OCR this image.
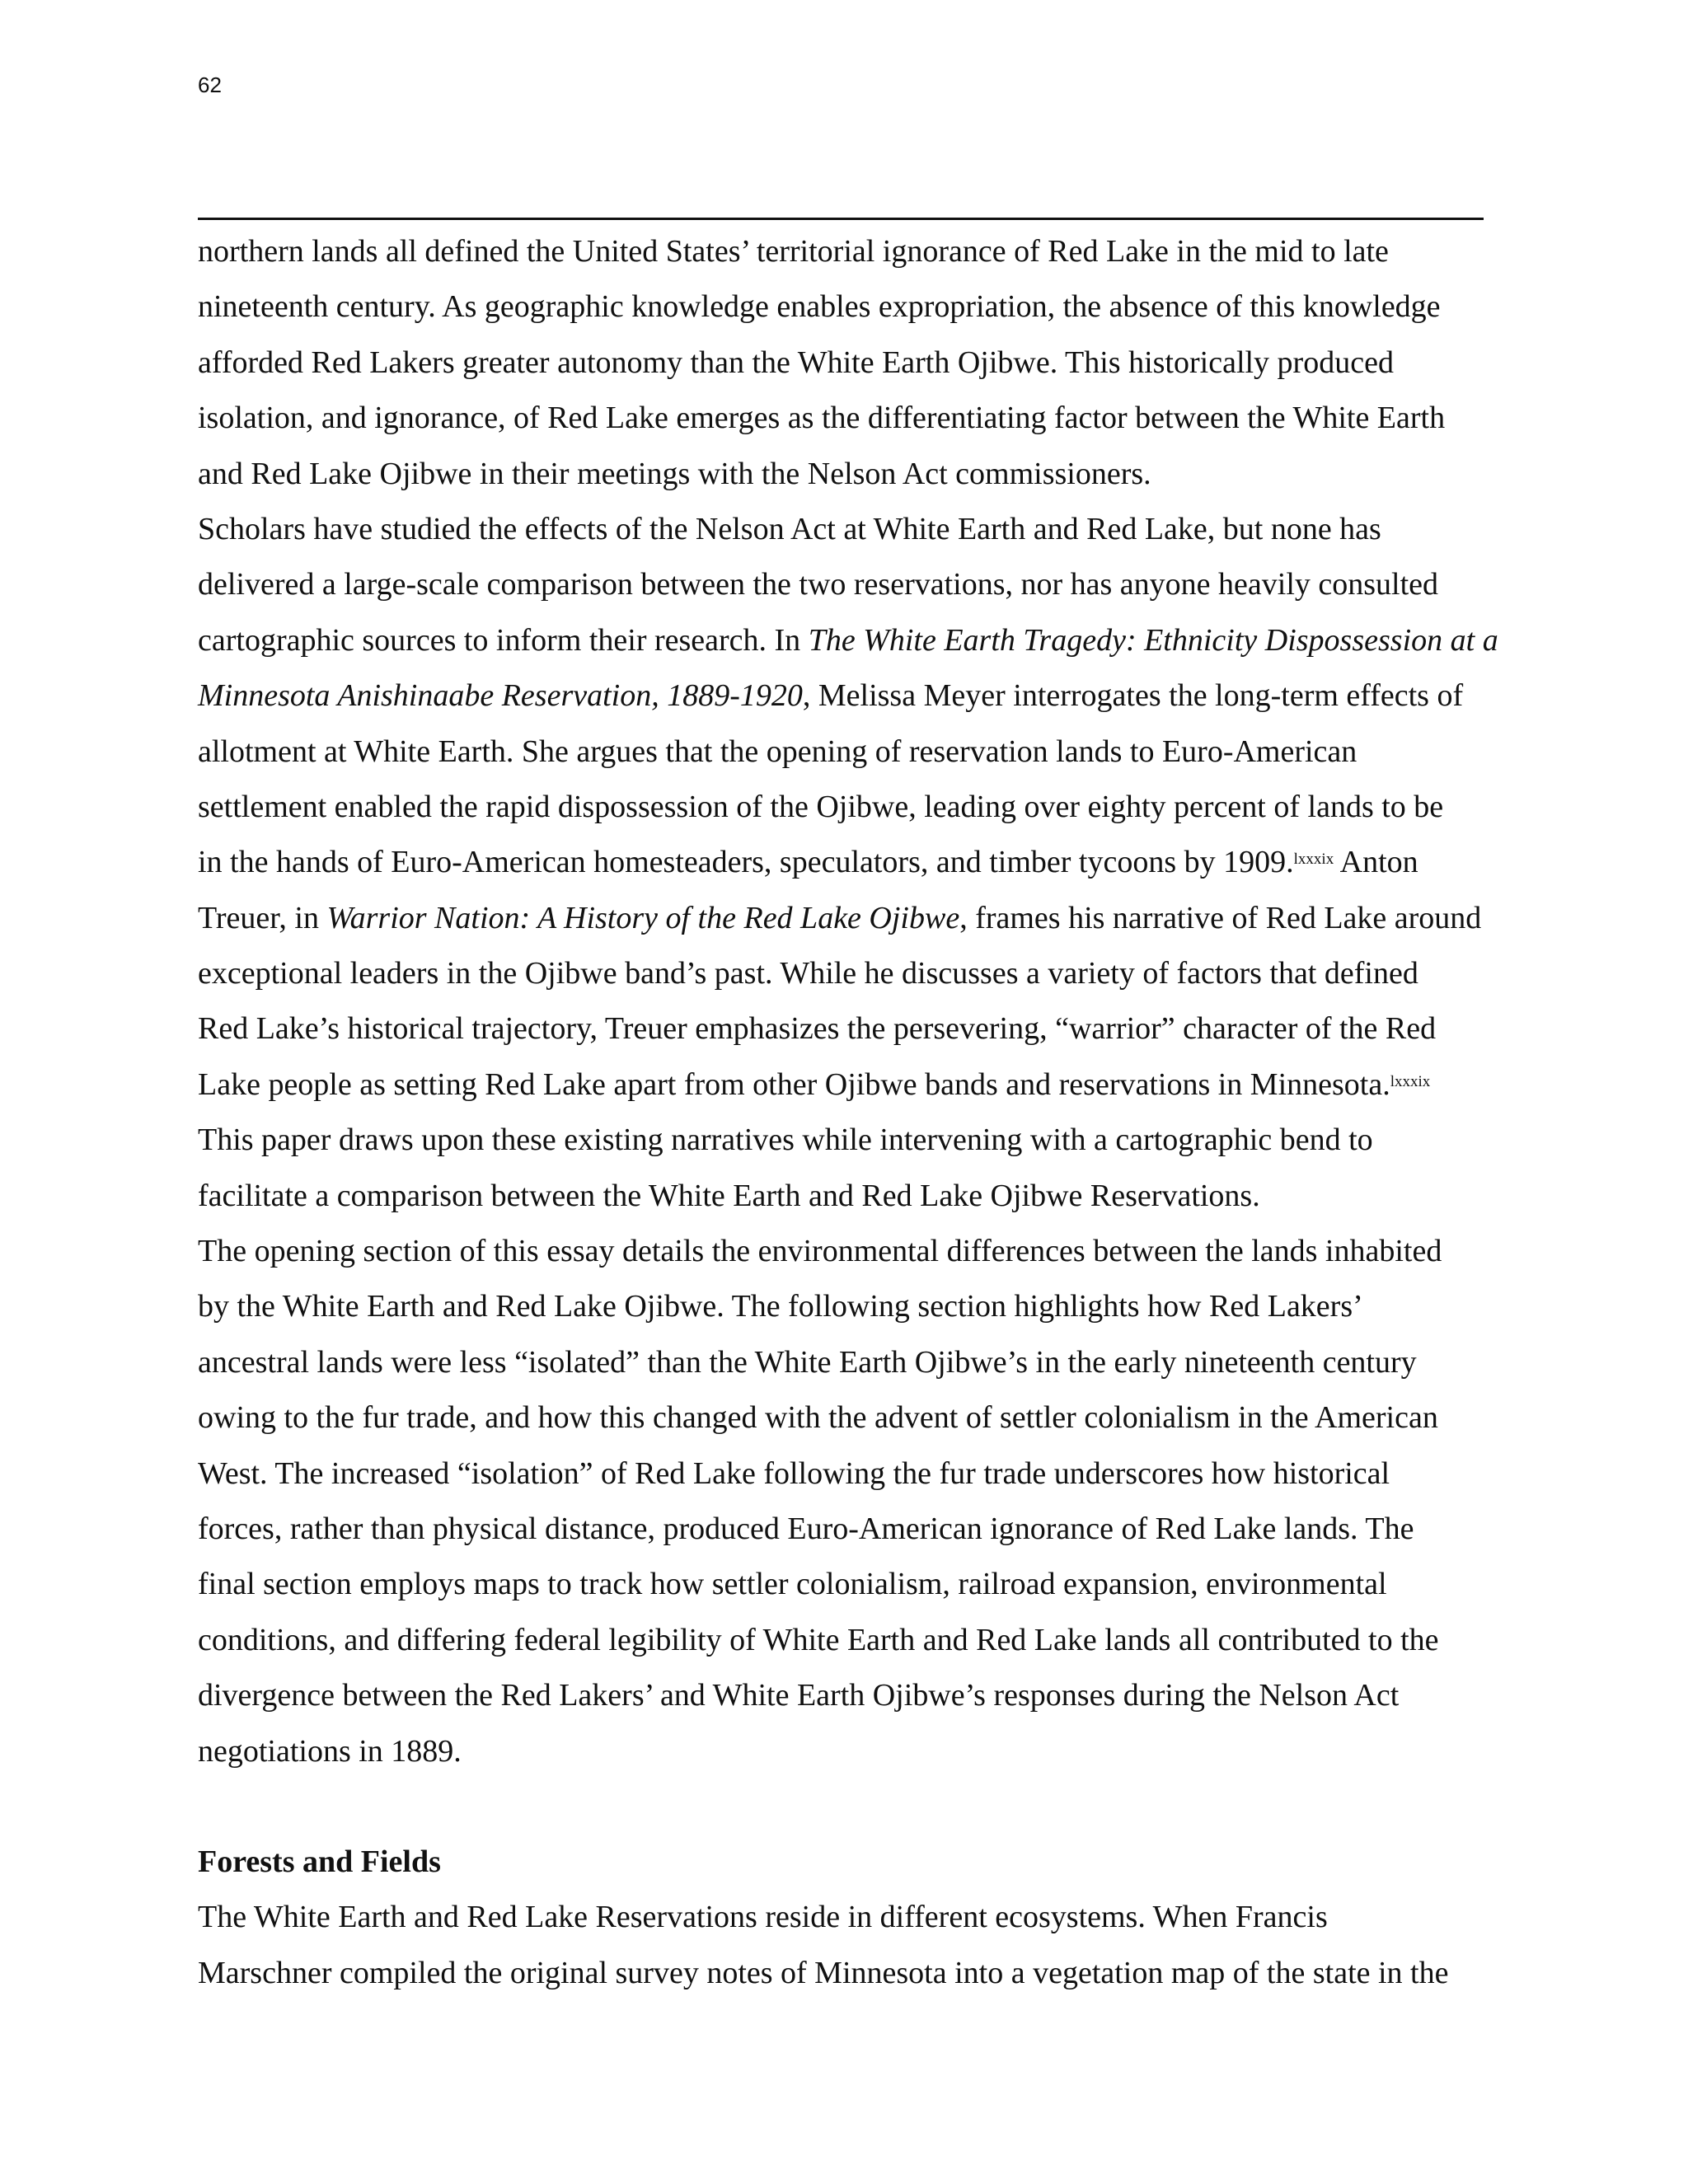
62
northern lands all defined the United States’ territorial ignorance of Red Lake in the mid to late
nineteenth century. As geographic knowledge enables expropriation, the absence of this knowledge
afforded Red Lakers greater autonomy than the White Earth Ojibwe. This historically produced
isolation, and ignorance, of Red Lake emerges as the differentiating factor between the White Earth
and Red Lake Ojibwe in their meetings with the Nelson Act commissioners.
Scholars have studied the effects of the Nelson Act at White Earth and Red Lake, but none has
delivered a large-scale comparison between the two reservations, nor has anyone heavily consulted
cartographic sources to inform their research. In The White Earth Tragedy: Ethnicity Dispossession at a
Minnesota Anishinaabe Reservation, 1889-1920, Melissa Meyer interrogates the long-term effects of
allotment at White Earth. She argues that the opening of reservation lands to Euro-American
settlement enabled the rapid dispossession of the Ojibwe, leading over eighty percent of lands to be
in the hands of Euro-American homesteaders, speculators, and timber tycoons by 1909.$^{lxxxix}$ Anton
Treuer, in Warrior Nation: A History of the Red Lake Ojibwe, frames his narrative of Red Lake around
exceptional leaders in the Ojibwe band’s past. While he discusses a variety of factors that defined
Red Lake’s historical trajectory, Treuer emphasizes the persevering, “warrior” character of the Red
Lake people as setting Red Lake apart from other Ojibwe bands and reservations in Minnesota.$^{lxxxix}$
This paper draws upon these existing narratives while intervening with a cartographic bend to
facilitate a comparison between the White Earth and Red Lake Ojibwe Reservations.
The opening section of this essay details the environmental differences between the lands inhabited
by the White Earth and Red Lake Ojibwe. The following section highlights how Red Lakers’
ancestral lands were less “isolated” than the White Earth Ojibwe’s in the early nineteenth century
owing to the fur trade, and how this changed with the advent of settler colonialism in the American
West. The increased “isolation” of Red Lake following the fur trade underscores how historical
forces, rather than physical distance, produced Euro-American ignorance of Red Lake lands. The
final section employs maps to track how settler colonialism, railroad expansion, environmental
conditions, and differing federal legibility of White Earth and Red Lake lands all contributed to the
divergence between the Red Lakers’ and White Earth Ojibwe’s responses during the Nelson Act
negotiations in 1889.
Forests and Fields
The White Earth and Red Lake Reservations reside in different ecosystems. When Francis
Marschner compiled the original survey notes of Minnesota into a vegetation map of the state in the
